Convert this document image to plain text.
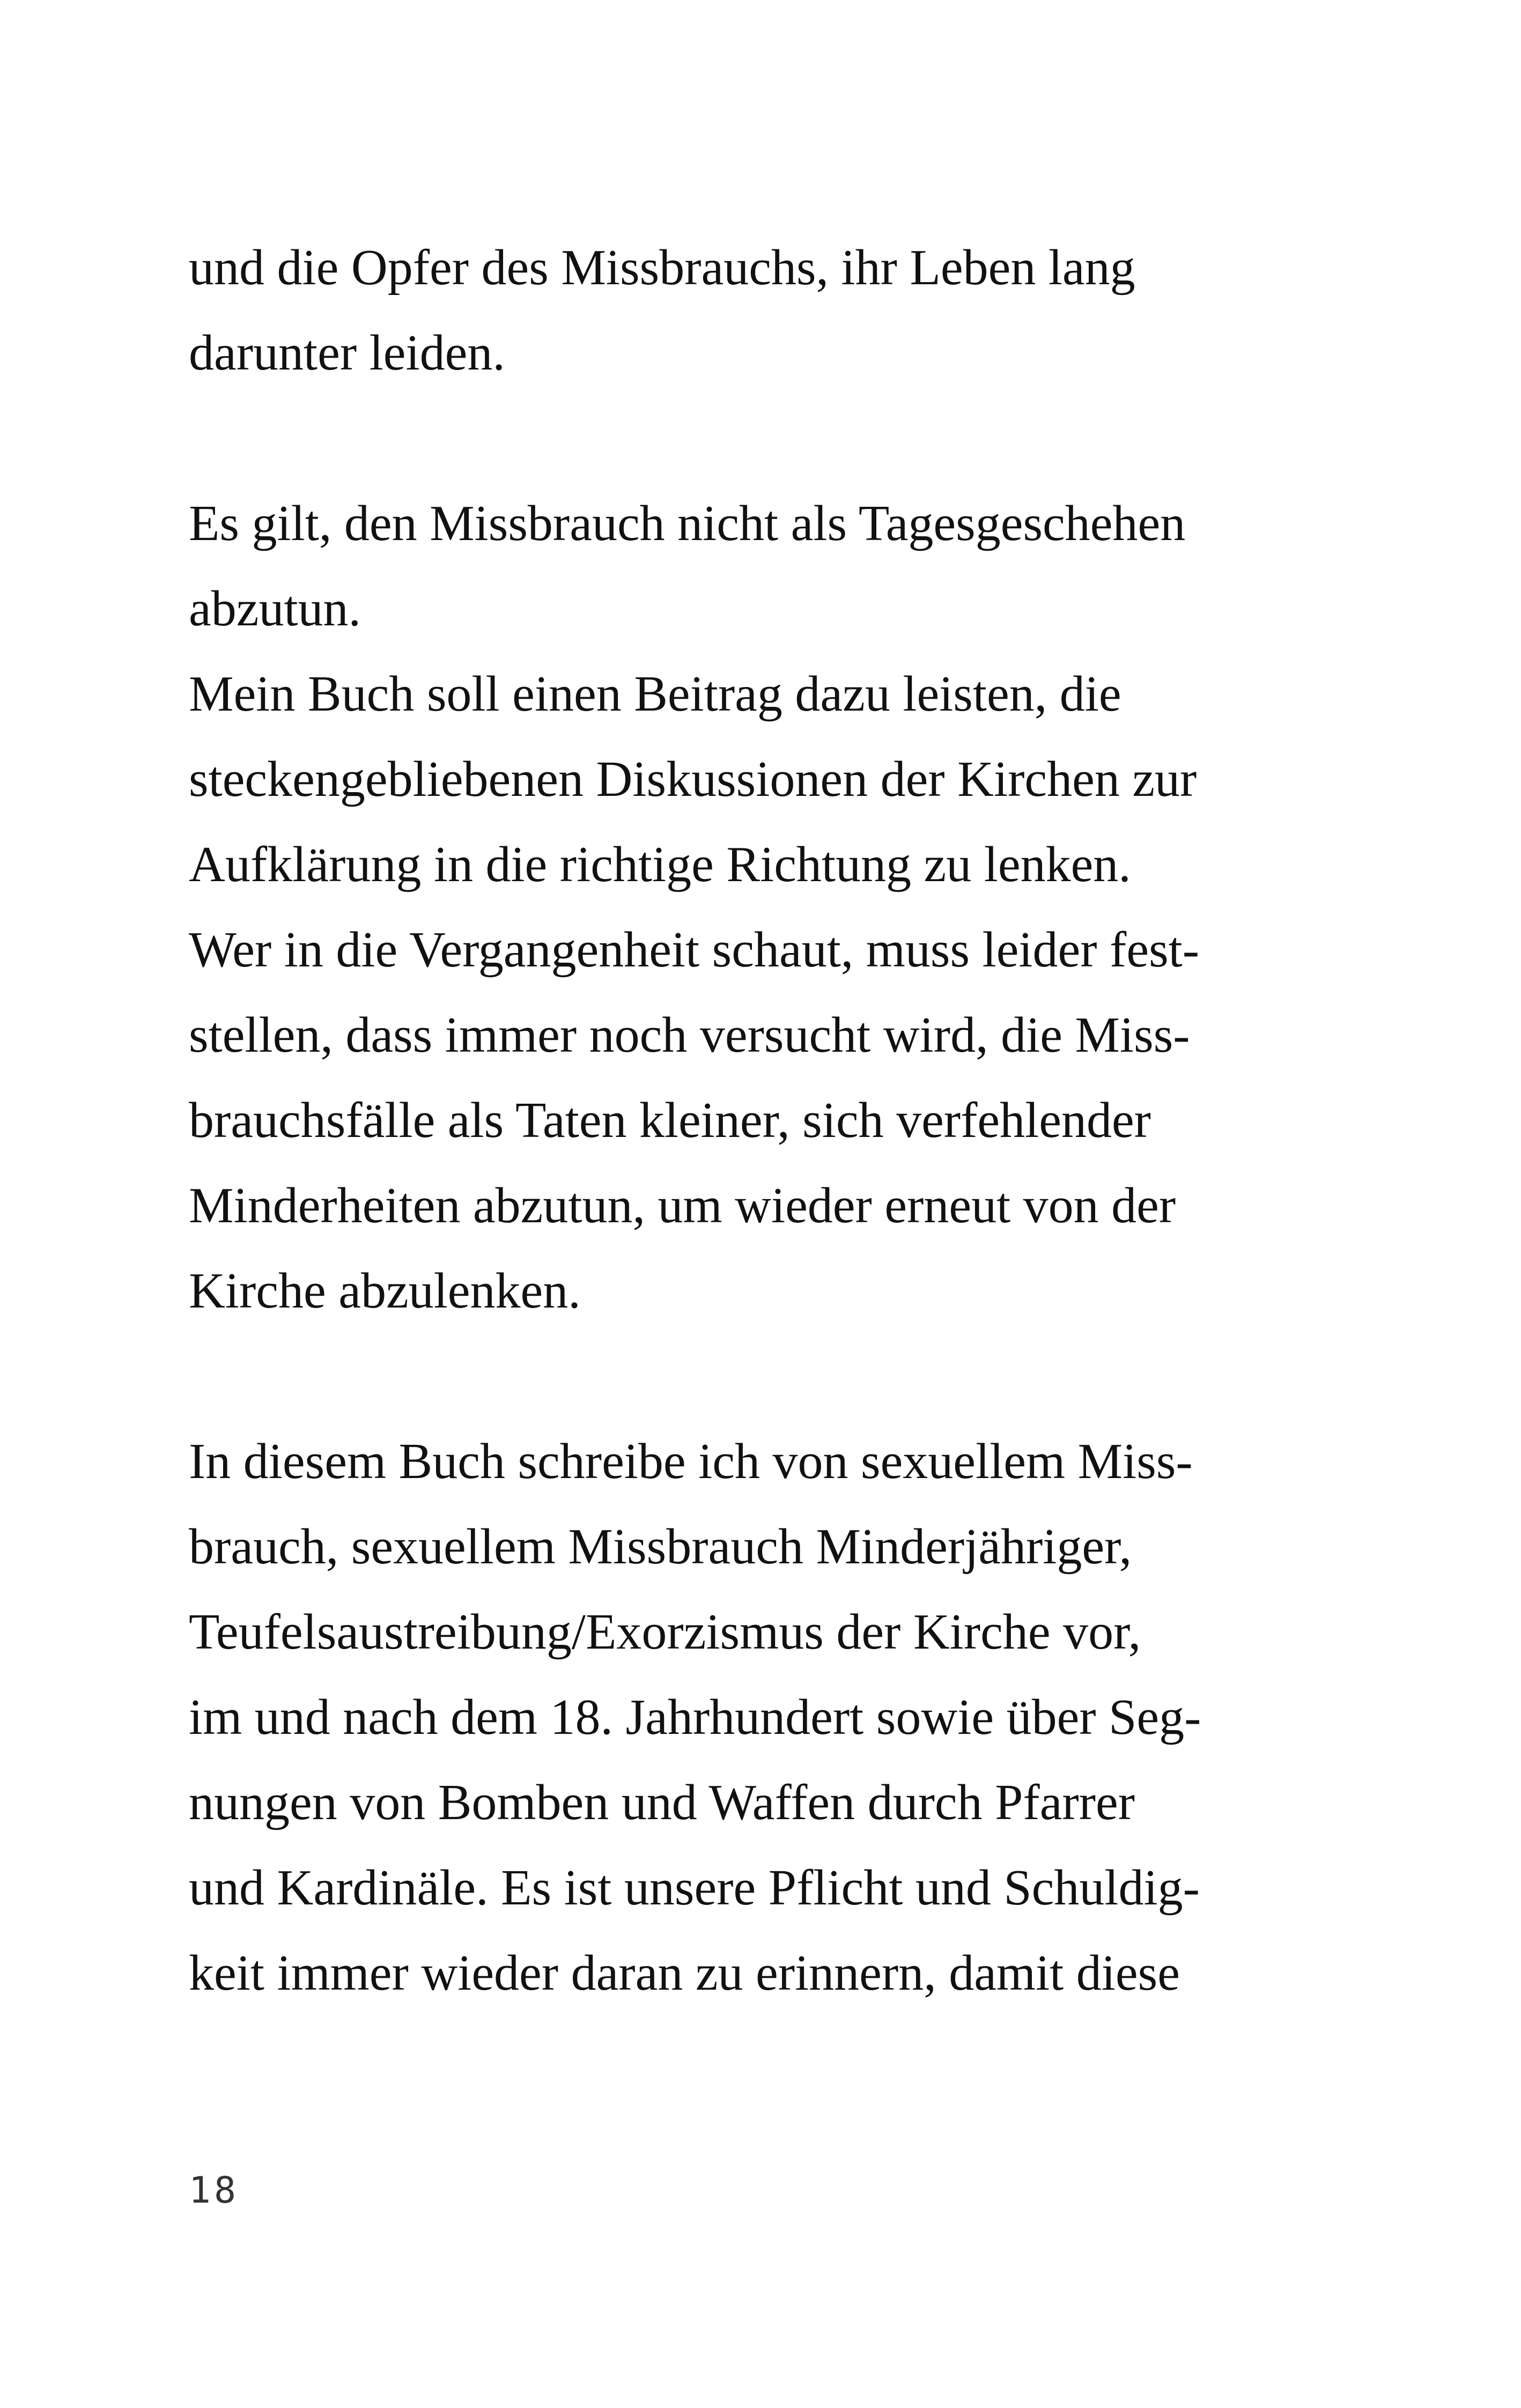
und die Opfer des Missbrauchs, ihr Leben lang
darunter leiden.
Es gilt, den Missbrauch nicht als Tagesgeschehen
abzutun.
Mein Buch soll einen Beitrag dazu leisten, die
steckengebliebenen Diskussionen der Kirchen zur
Aufklärung in die richtige Richtung zu lenken.
Wer in die Vergangenheit schaut, muss leider fest-
stellen, dass immer noch versucht wird, die Miss-
brauchsfälle als Taten kleiner, sich verfehlender
Minderheiten abzutun, um wieder erneut von der
Kirche abzulenken.
In diesem Buch schreibe ich von sexuellem Miss-
brauch, sexuellem Missbrauch Minderjähriger,
Teufelsaustreibung/Exorzismus der Kirche vor,
im und nach dem 18. Jahrhundert sowie über Seg-
nungen von Bomben und Waffen durch Pfarrer
und Kardinäle. Es ist unsere Pflicht und Schuldig-
keit immer wieder daran zu erinnern, damit diese
18
